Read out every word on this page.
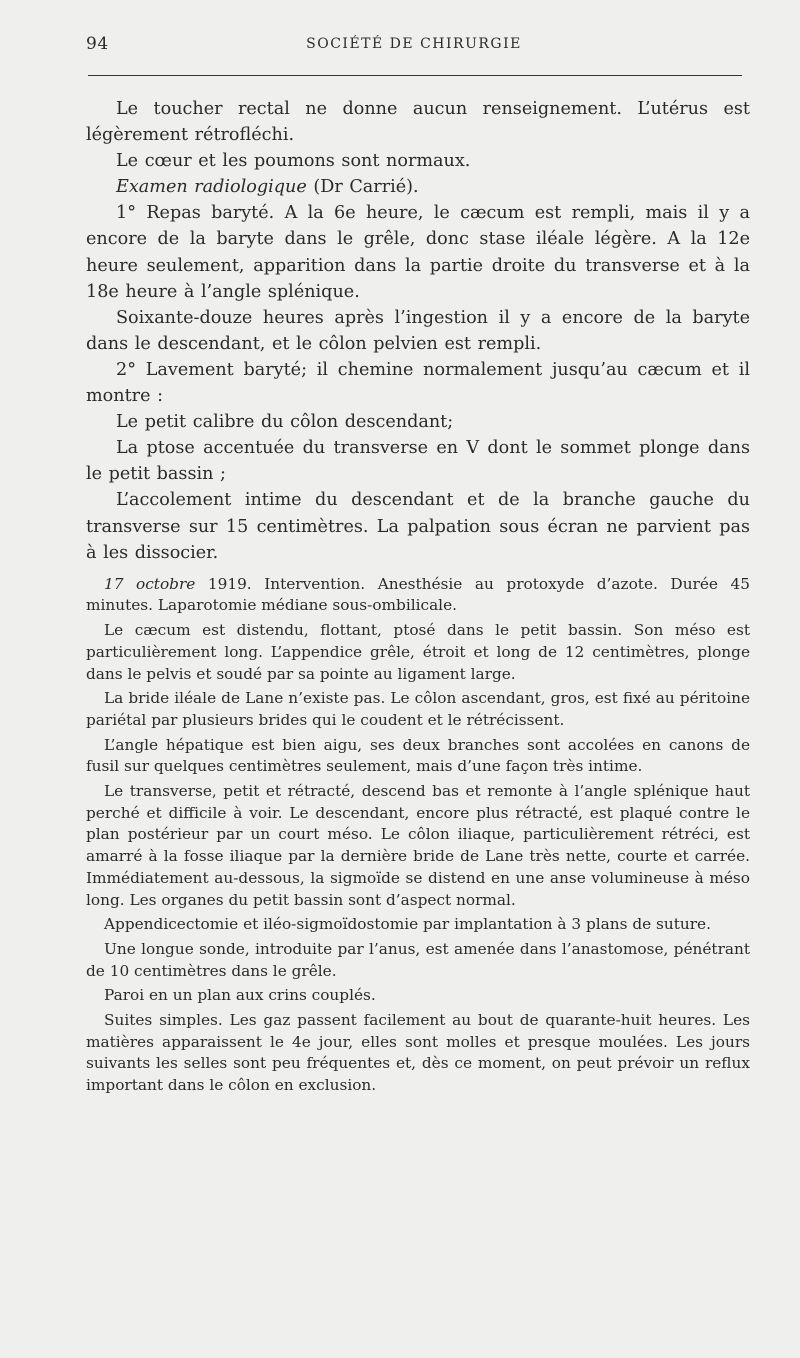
94	SOCIÉTÉ DE CHIRURGIE

Le toucher rectal ne donne aucun renseignement. L’utérus est légèrement rétrofléchi.

Le cœur et les poumons sont normaux.

Examen radiologique (Dr Carrié).

1° Repas baryté. A la 6e heure, le cæcum est rempli, mais il y a encore de la baryte dans le grêle, donc stase iléale légère. A la 12e heure seulement, apparition dans la partie droite du transverse et à la 18e heure à l’angle splénique.

Soixante-douze heures après l’ingestion il y a encore de la baryte dans le descendant, et le côlon pelvien est rempli.

2° Lavement baryté; il chemine normalement jusqu’au cæcum et il montre :

Le petit calibre du côlon descendant;

La ptose accentuée du transverse en V dont le sommet plonge dans le petit bassin ;

L’accolement intime du descendant et de la branche gauche du transverse sur 15 centimètres. La palpation sous écran ne parvient pas à les dissocier.

17 octobre 1919. Intervention. Anesthésie au protoxyde d’azote. Durée 45 minutes. Laparotomie médiane sous-ombilicale.

Le cæcum est distendu, flottant, ptosé dans le petit bassin. Son méso est particulièrement long. L’appendice grêle, étroit et long de 12 centimètres, plonge dans le pelvis et soudé par sa pointe au ligament large.

La bride iléale de Lane n’existe pas. Le côlon ascendant, gros, est fixé au péritoine pariétal par plusieurs brides qui le coudent et le rétrécissent.

L’angle hépatique est bien aigu, ses deux branches sont accolées en canons de fusil sur quelques centimètres seulement, mais d’une façon très intime.

Le transverse, petit et rétracté, descend bas et remonte à l’angle splénique haut perché et difficile à voir. Le descendant, encore plus rétracté, est plaqué contre le plan postérieur par un court méso. Le côlon iliaque, particulièrement rétréci, est amarré à la fosse iliaque par la dernière bride de Lane très nette, courte et carrée. Immédiatement au-dessous, la sigmoïde se distend en une anse volumineuse à méso long. Les organes du petit bassin sont d’aspect normal.

Appendicectomie et iléo-sigmoïdostomie par implantation à 3 plans de suture.

Une longue sonde, introduite par l’anus, est amenée dans l’anastomose, pénétrant de 10 centimètres dans le grêle.

Paroi en un plan aux crins couplés.

Suites simples. Les gaz passent facilement au bout de quarante-huit heures. Les matières apparaissent le 4e jour, elles sont molles et presque moulées. Les jours suivants les selles sont peu fréquentes et, dès ce moment, on peut prévoir un reflux important dans le côlon en exclusion.
